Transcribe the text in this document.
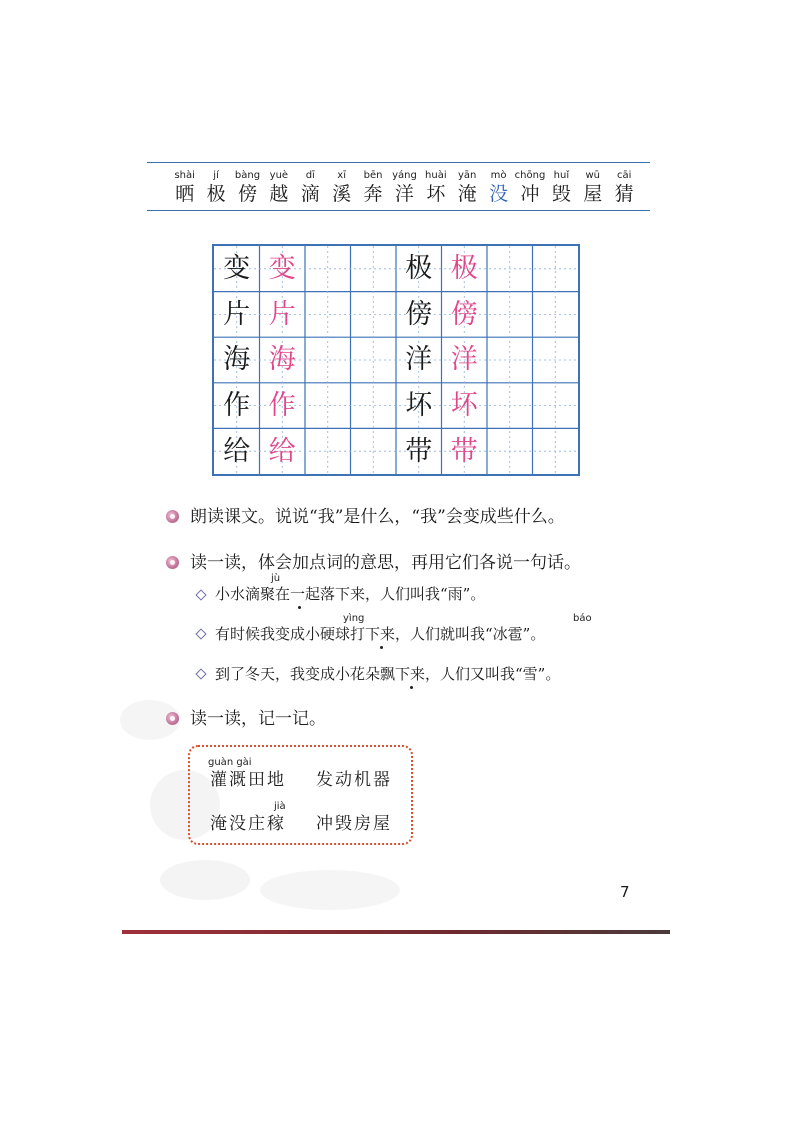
shài
晒
jí
极
bàng
傍
yuè
越
dī
滴
xī
溪
bēn
奔
yáng
洋
huài
坏
yān
淹
mò
没
chōng
冲
huǐ
毁
wū
屋
cāi
猜
变 变
片 片
海 海
作 作
给 给
极 极
傍 傍
洋 洋
坏 坏
带 带
朗读课文。说说“我”是什么，“我”会变成些什么。
读一读，体会加点词的意思，再用它们各说一句话。
jù
小水滴聚在一起落下来，人们叫我“雨”。
yìng	báo
有时候我变成小硬球打下来，人们就叫我“冰雹”。
到了冬天，我变成小花朵飘下来，人们又叫我“雪”。
读一读，记一记。
guàn gài
灌溉田地 发动机器
jià
淹没庄稼 冲毁房屋
7
